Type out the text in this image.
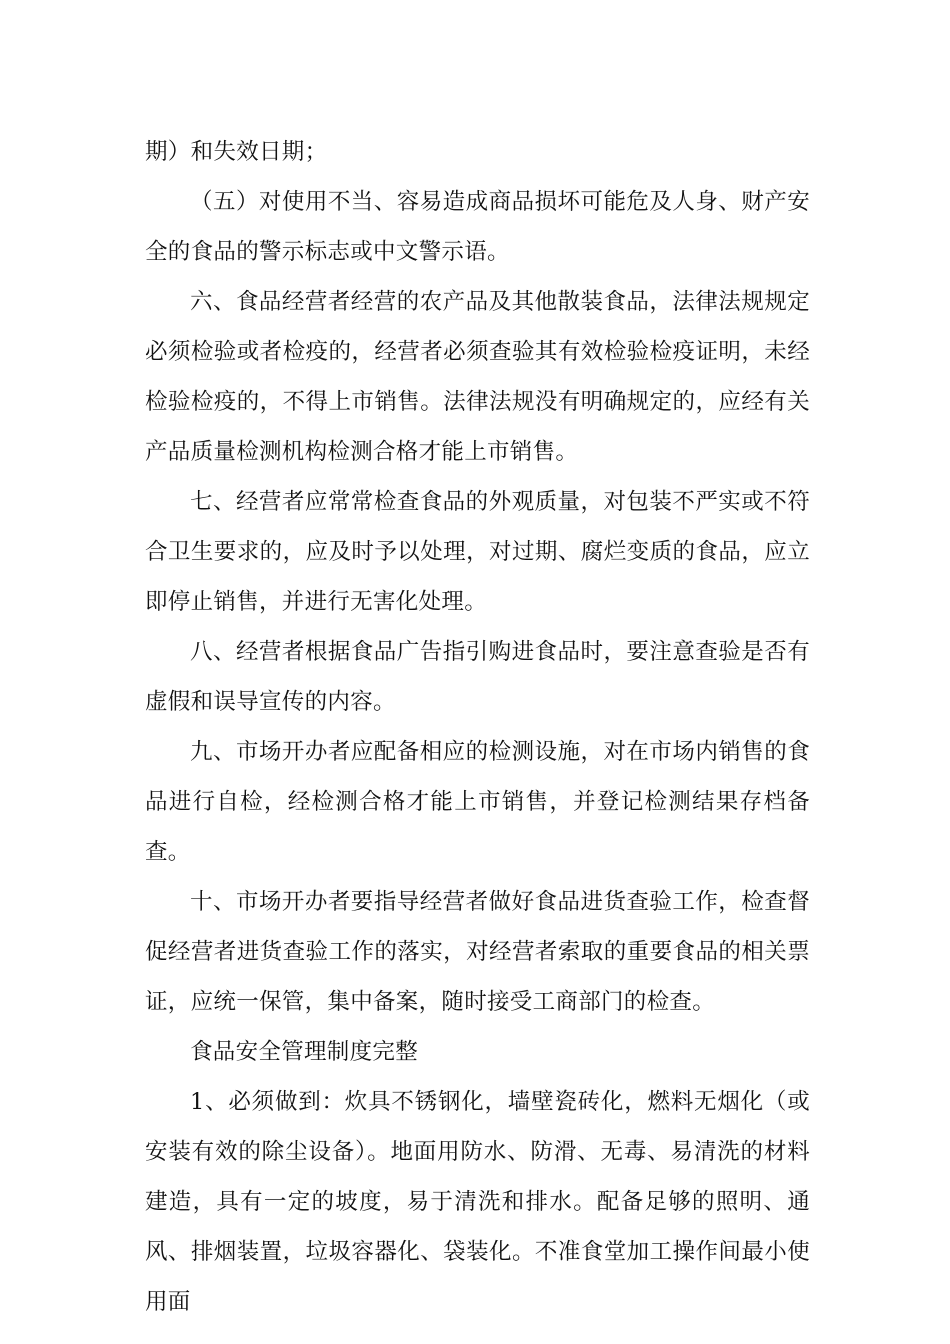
期）和失效日期；

（五）对使用不当、容易造成商品损坏可能危及人身、财产安全的食品的警示标志或中文警示语。

六、食品经营者经营的农产品及其他散装食品，法律法规规定必须检验或者检疫的，经营者必须查验其有效检验检疫证明，未经检验检疫的，不得上市销售。法律法规没有明确规定的，应经有关产品质量检测机构检测合格才能上市销售。

七、经营者应常常检查食品的外观质量，对包装不严实或不符合卫生要求的，应及时予以处理，对过期、腐烂变质的食品，应立即停止销售，并进行无害化处理。

八、经营者根据食品广告指引购进食品时，要注意查验是否有虚假和误导宣传的内容。

九、市场开办者应配备相应的检测设施，对在市场内销售的食品进行自检，经检测合格才能上市销售，并登记检测结果存档备查。

十、市场开办者要指导经营者做好食品进货查验工作，检查督促经营者进货查验工作的落实，对经营者索取的重要食品的相关票证，应统一保管，集中备案，随时接受工商部门的检查。

食品安全管理制度完整

1、必须做到：炊具不锈钢化，墙壁瓷砖化，燃料无烟化（或安装有效的除尘设备）。地面用防水、防滑、无毒、易清洗的材料建造，具有一定的坡度，易于清洗和排水。配备足够的照明、通风、排烟装置，垃圾容器化、袋装化。不准食堂加工操作间最小使用面
